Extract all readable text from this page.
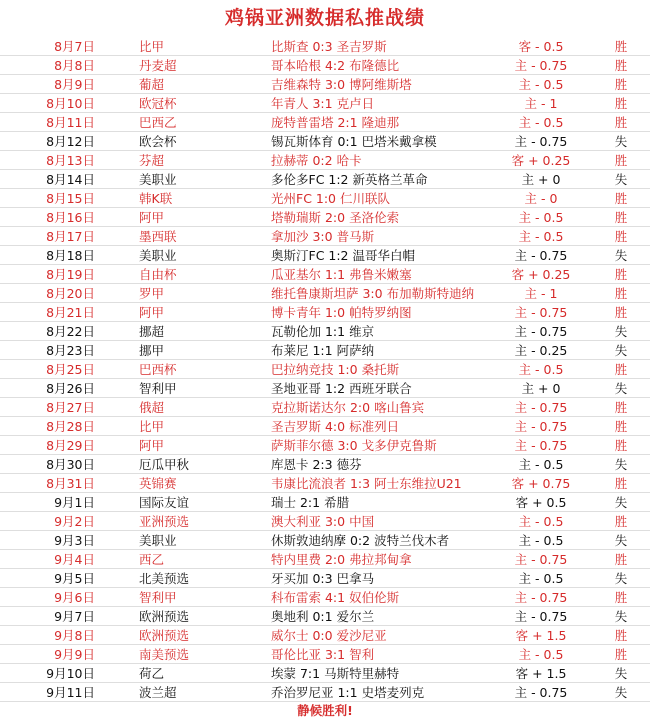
鸡锅亚洲数据私推战绩
8月7日	比甲	比斯查 0:3 圣吉罗斯	客 - 0.5	胜
8月8日	丹麦超	哥本哈根 4:2 布隆德比	主 - 0.75	胜
8月9日	葡超	吉维森特 3:0 博阿维斯塔	主 - 0.5	胜
8月10日	欧冠杯	年青人 3:1 克卢日	主 - 1	胜
8月11日	巴西乙	庞特普雷塔 2:1 隆迪那	主 - 0.5	胜
8月12日	欧会杯	锡瓦斯体育 0:1 巴塔米戴拿模	主 - 0.75	失
8月13日	芬超	拉赫蒂 0:2 哈卡	客 + 0.25	胜
8月14日	美职业	多伦多FC 1:2 新英格兰革命	主 + 0	失
8月15日	韩K联	光州FC 1:0 仁川联队	主 - 0	胜
8月16日	阿甲	塔勒瑞斯 2:0 圣洛伦索	主 - 0.5	胜
8月17日	墨西联	拿加沙 3:0 普马斯	主 - 0.5	胜
8月18日	美职业	奥斯汀FC 1:2 温哥华白帽	主 - 0.75	失
8月19日	自由杯	瓜亚基尔 1:1 弗鲁米嫩塞	客 + 0.25	胜
8月20日	罗甲	维托鲁康斯坦萨 3:0 布加勒斯特迪纳	主 - 1	胜
8月21日	阿甲	博卡青年 1:0 帕特罗纳图	主 - 0.75	胜
8月22日	挪超	瓦勒伦加 1:1 维京	主 - 0.75	失
8月23日	挪甲	布莱尼 1:1 阿萨纳	主 - 0.25	失
8月25日	巴西杯	巴拉纳竞技 1:0 桑托斯	主 - 0.5	胜
8月26日	智利甲	圣地亚哥 1:2 西班牙联合	主 + 0	失
8月27日	俄超	克拉斯诺达尔 2:0 喀山鲁宾	主 - 0.75	胜
8月28日	比甲	圣吉罗斯 4:0 标准列日	主 - 0.75	胜
8月29日	阿甲	萨斯菲尔德 3:0 戈多伊克鲁斯	主 - 0.75	胜
8月30日	厄瓜甲秋	库恩卡 2:3 德芬	主 - 0.5	失
8月31日	英锦赛	韦康比流浪者 1:3 阿士东维拉U21	客 + 0.75	胜
9月1日	国际友谊	瑞士 2:1 希腊	客 + 0.5	失
9月2日	亚洲预选	澳大利亚 3:0 中国	主 - 0.5	胜
9月3日	美职业	休斯敦迪纳摩 0:2 波特兰伐木者	主 - 0.5	失
9月4日	西乙	特内里费 2:0 弗拉邦甸拿	主 - 0.75	胜
9月5日	北美预选	牙买加 0:3 巴拿马	主 - 0.5	失
9月6日	智利甲	科布雷索 4:1 奴伯伦斯	主 - 0.75	胜
9月7日	欧洲预选	奥地利 0:1 爱尔兰	主 - 0.75	失
9月8日	欧洲预选	威尔士 0:0 爱沙尼亚	客 + 1.5	胜
9月9日	南美预选	哥伦比亚 3:1 智利	主 - 0.5	胜
9月10日	荷乙	埃蒙 7:1 马斯特里赫特	客 + 1.5	失
9月11日	波兰超	乔治罗尼亚 1:1 史塔麦列克	主 - 0.75	失
静候胜利!
